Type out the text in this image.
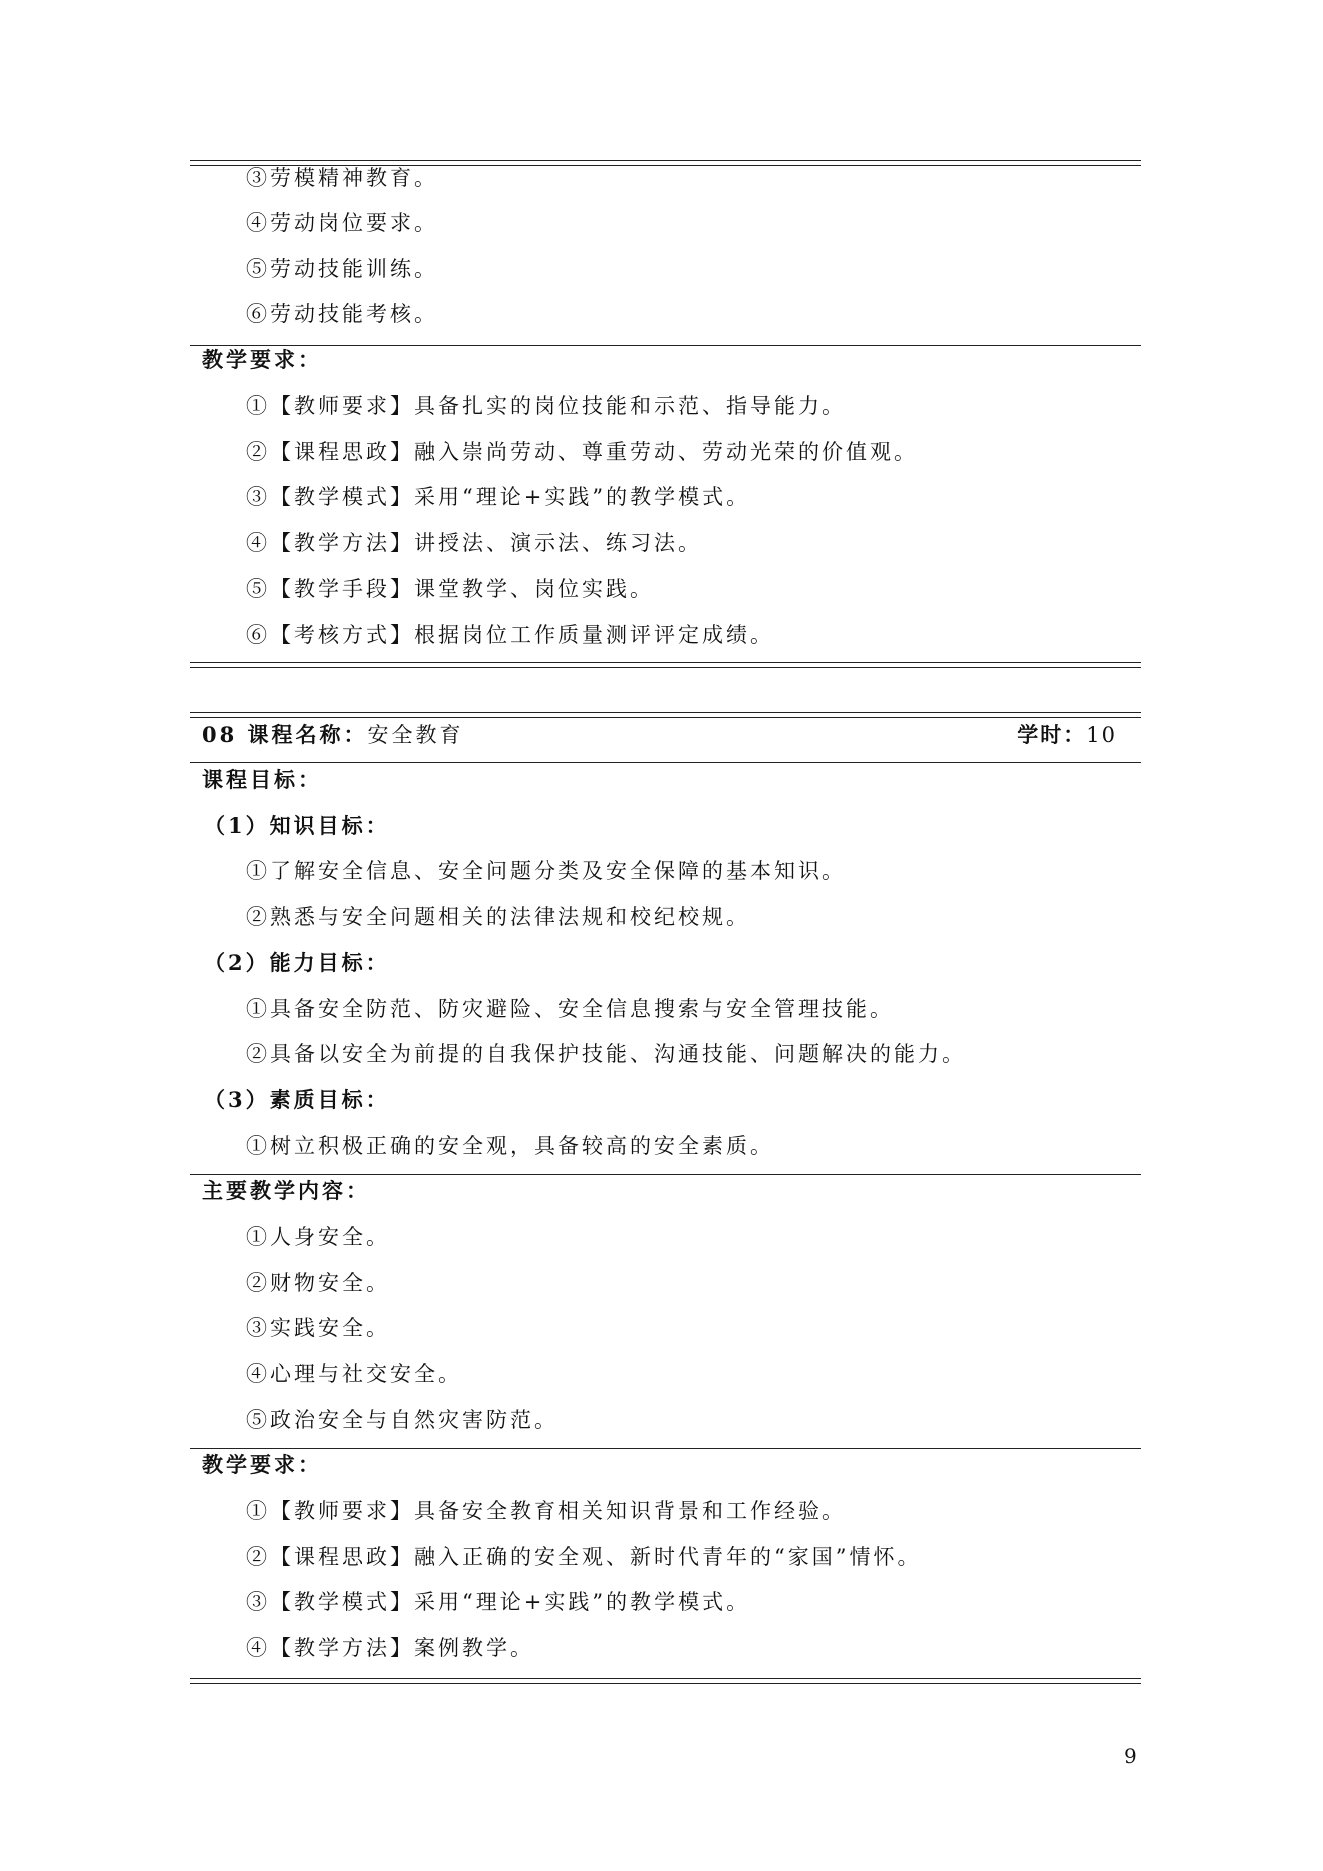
③劳模精神教育。
④劳动岗位要求。
⑤劳动技能训练。
⑥劳动技能考核。
教学要求：
①【教师要求】具备扎实的岗位技能和示范、指导能力。
②【课程思政】融入崇尚劳动、尊重劳动、劳动光荣的价值观。
③【教学模式】采用“理论+实践”的教学模式。
④【教学方法】讲授法、演示法、练习法。
⑤【教学手段】课堂教学、岗位实践。
⑥【考核方式】根据岗位工作质量测评评定成绩。
08 课程名称：安全教育	学时：10
课程目标：
（1）知识目标：
①了解安全信息、安全问题分类及安全保障的基本知识。
②熟悉与安全问题相关的法律法规和校纪校规。
（2）能力目标：
①具备安全防范、防灾避险、安全信息搜索与安全管理技能。
②具备以安全为前提的自我保护技能、沟通技能、问题解决的能力。
（3）素质目标：
①树立积极正确的安全观，具备较高的安全素质。
主要教学内容：
①人身安全。
②财物安全。
③实践安全。
④心理与社交安全。
⑤政治安全与自然灾害防范。
教学要求：
①【教师要求】具备安全教育相关知识背景和工作经验。
②【课程思政】融入正确的安全观、新时代青年的“家国”情怀。
③【教学模式】采用“理论+实践”的教学模式。
④【教学方法】案例教学。
9
